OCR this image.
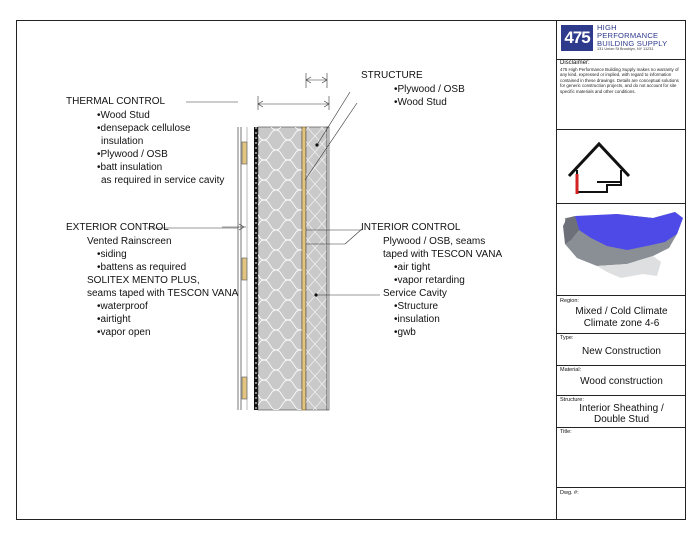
STRUCTURE
•Plywood / OSB
•Wood Stud
THERMAL CONTROL
•Wood Stud
•densepack cellulose
insulation
•Plywood / OSB
•batt insulation
as required in service cavity
EXTERIOR CONTROL
Vented Rainscreen
•siding
•battens as required
SOLITEX MENTO PLUS,
seams taped with TESCON VANA
•waterproof
•airtight
•vapor open
INTERIOR CONTROL
Plywood / OSB, seams
taped with TESCON VANA
•air tight
•vapor retarding
Service Cavity
•Structure
•insulation
•gwb
475
HIGH
PERFORMANCE
BUILDING SUPPLY
131 Union St Brooklyn, NY 11231
Disclaimer:
475 High Performance Building Supply makes no warranty of any kind, expressed or implied, with regard to information contained in these drawings. Details are conceptual solutions for generic construction projects, and do not account for site specific materials and other conditions.
Region:
Mixed / Cold Climate
Climate zone 4-6
Type:
New Construction
Material:
Wood construction
Structure:
Interior Sheathing /
Double Stud
Title:
Dwg. #:
